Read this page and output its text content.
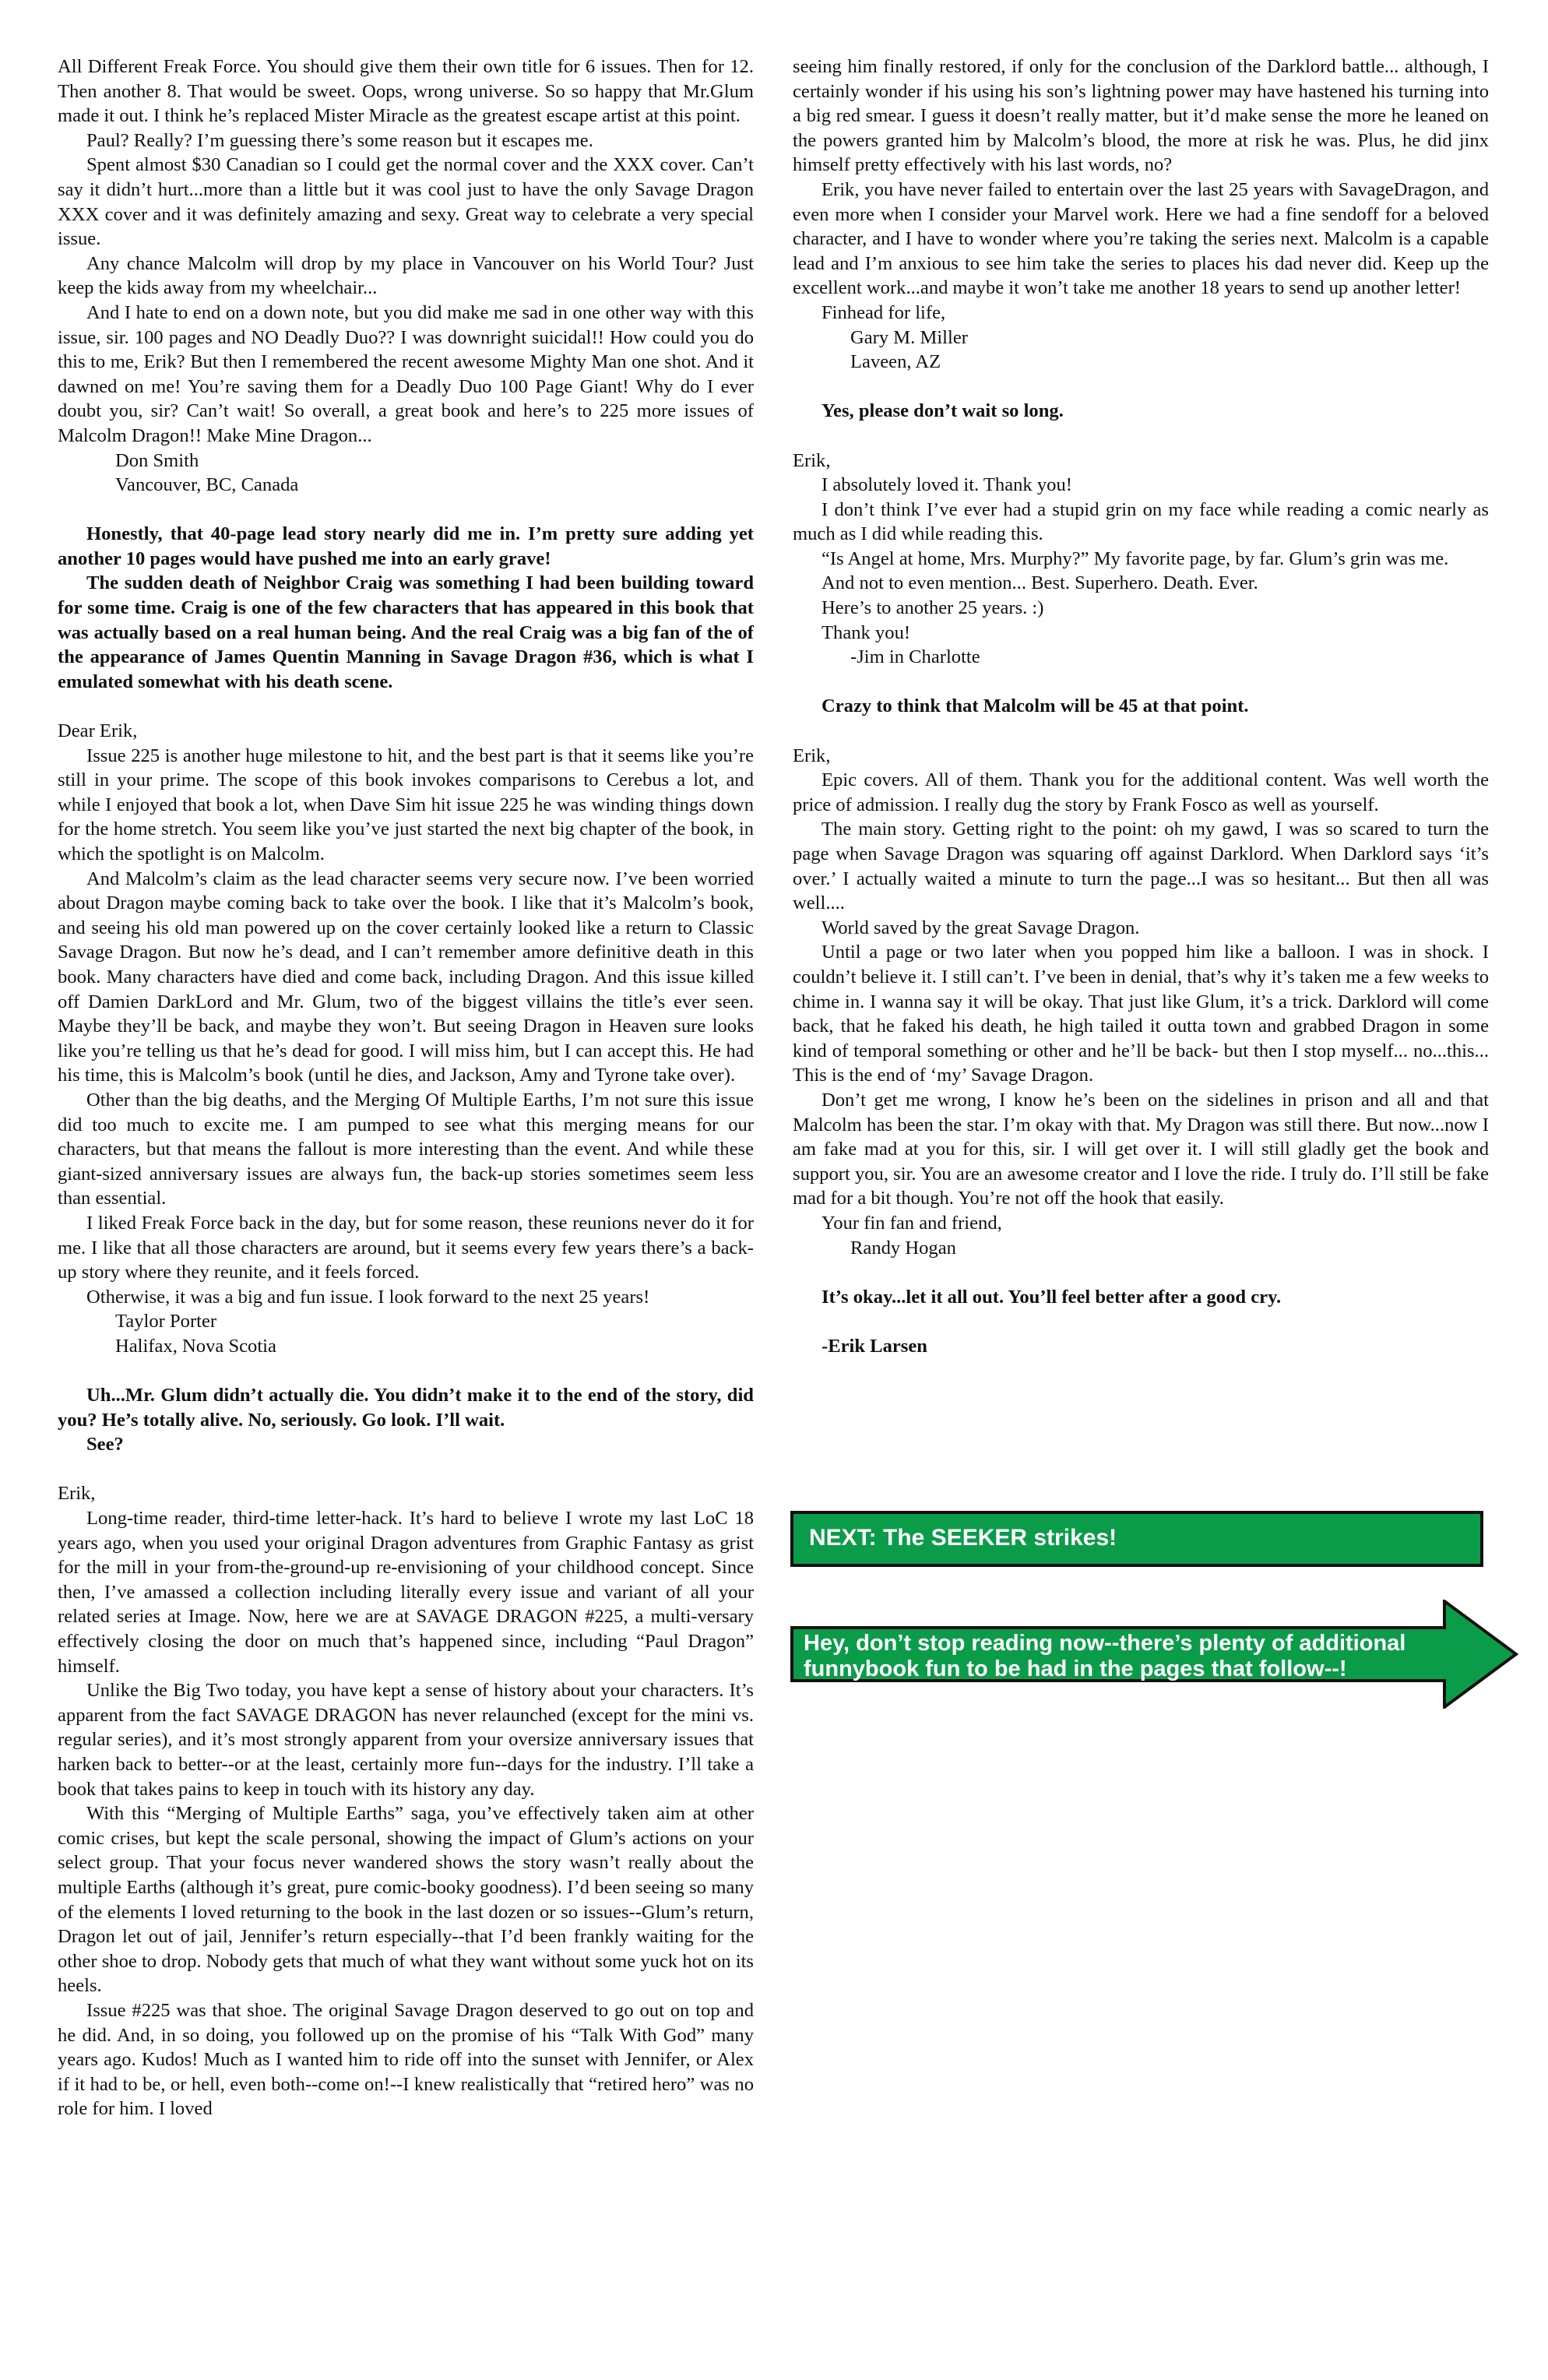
All Different Freak Force. You should give them their own title for 6 issues. Then for 12. Then another 8. That would be sweet. Oops, wrong universe. So so happy that Mr.Glum made it out. I think he’s replaced Mister Miracle as the greatest escape artist at this point.

Paul? Really? I’m guessing there’s some reason but it escapes me.

Spent almost $30 Canadian so I could get the normal cover and the XXX cover. Can’t say it didn’t hurt...more than a little but it was cool just to have the only Savage Dragon XXX cover and it was definitely amazing and sexy. Great way to celebrate a very special issue.

Any chance Malcolm will drop by my place in Vancouver on his World Tour? Just keep the kids away from my wheelchair...

And I hate to end on a down note, but you did make me sad in one other way with this issue, sir. 100 pages and NO Deadly Duo?? I was downright suicidal!! How could you do this to me, Erik? But then I remembered the recent awesome Mighty Man one shot. And it dawned on me! You’re saving them for a Deadly Duo 100 Page Giant! Why do I ever doubt you, sir? Can’t wait! So overall, a great book and here’s to 225 more issues of Malcolm Dragon!! Make Mine Dragon...

Don Smith

Vancouver, BC, Canada

Honestly, that 40-page lead story nearly did me in. I’m pretty sure adding yet another 10 pages would have pushed me into an early grave!

The sudden death of Neighbor Craig was something I had been building toward for some time. Craig is one of the few characters that has appeared in this book that was actually based on a real human being. And the real Craig was a big fan of the of the appearance of James Quentin Manning in Savage Dragon #36, which is what I emulated somewhat with his death scene.

Dear Erik,

Issue 225 is another huge milestone to hit, and the best part is that it seems like you’re still in your prime. The scope of this book invokes comparisons to Cerebus a lot, and while I enjoyed that book a lot, when Dave Sim hit issue 225 he was winding things down for the home stretch. You seem like you’ve just started the next big chapter of the book, in which the spotlight is on Malcolm.

And Malcolm’s claim as the lead character seems very secure now. I’ve been worried about Dragon maybe coming back to take over the book. I like that it’s Malcolm’s book, and seeing his old man powered up on the cover certainly looked like a return to Classic Savage Dragon. But now he’s dead, and I can’t remember amore definitive death in this book. Many characters have died and come back, including Dragon. And this issue killed off Damien DarkLord and Mr. Glum, two of the biggest villains the title’s ever seen. Maybe they’ll be back, and maybe they won’t. But seeing Dragon in Heaven sure looks like you’re telling us that he’s dead for good. I will miss him, but I can accept this. He had his time, this is Malcolm’s book (until he dies, and Jackson, Amy and Tyrone take over).

Other than the big deaths, and the Merging Of Multiple Earths, I’m not sure this issue did too much to excite me. I am pumped to see what this merging means for our characters, but that means the fallout is more interesting than the event. And while these giant-sized anniversary issues are always fun, the back-up stories sometimes seem less than essential.

I liked Freak Force back in the day, but for some reason, these reunions never do it for me. I like that all those characters are around, but it seems every few years there’s a back-up story where they reunite, and it feels forced.

Otherwise, it was a big and fun issue. I look forward to the next 25 years!

Taylor Porter

Halifax, Nova Scotia

Uh...Mr. Glum didn’t actually die. You didn’t make it to the end of the story, did you? He’s totally alive. No, seriously. Go look. I’ll wait.

See?

Erik,

Long-time reader, third-time letter-hack. It’s hard to believe I wrote my last LoC 18 years ago, when you used your original Dragon adventures from Graphic Fantasy as grist for the mill in your from-the-ground-up re-envisioning of your childhood concept. Since then, I’ve amassed a collection including literally every issue and variant of all your related series at Image. Now, here we are at SAVAGE DRAGON #225, a multi-versary effectively closing the door on much that’s happened since, including “Paul Dragon” himself.

Unlike the Big Two today, you have kept a sense of history about your characters. It’s apparent from the fact SAVAGE DRAGON has never relaunched (except for the mini vs. regular series), and it’s most strongly apparent from your oversize anniversary issues that harken back to better--or at the least, certainly more fun--days for the industry. I’ll take a book that takes pains to keep in touch with its history any day.

With this “Merging of Multiple Earths” saga, you’ve effectively taken aim at other comic crises, but kept the scale personal, showing the impact of Glum’s actions on your select group. That your focus never wandered shows the story wasn’t really about the multiple Earths (although it’s great, pure comic-booky goodness). I’d been seeing so many of the elements I loved returning to the book in the last dozen or so issues--Glum’s return, Dragon let out of jail, Jennifer’s return especially--that I’d been frankly waiting for the other shoe to drop. Nobody gets that much of what they want without some yuck hot on its heels.

Issue #225 was that shoe. The original Savage Dragon deserved to go out on top and he did. And, in so doing, you followed up on the promise of his “Talk With God” many years ago. Kudos! Much as I wanted him to ride off into the sunset with Jennifer, or Alex if it had to be, or hell, even both--come on!--I knew realistically that “retired hero” was no role for him. I loved

seeing him finally restored, if only for the conclusion of the Darklord battle... although, I certainly wonder if his using his son’s lightning power may have hastened his turning into a big red smear. I guess it doesn’t really matter, but it’d make sense the more he leaned on the powers granted him by Malcolm’s blood, the more at risk he was. Plus, he did jinx himself pretty effectively with his last words, no?

Erik, you have never failed to entertain over the last 25 years with SavageDragon, and even more when I consider your Marvel work. Here we had a fine sendoff for a beloved character, and I have to wonder where you’re taking the series next. Malcolm is a capable lead and I’m anxious to see him take the series to places his dad never did. Keep up the excellent work...and maybe it won’t take me another 18 years to send up another letter!

Finhead for life,

Gary M. Miller

Laveen, AZ

Yes, please don’t wait so long.

Erik,

I absolutely loved it. Thank you!

I don’t think I’ve ever had a stupid grin on my face while reading a comic nearly as much as I did while reading this.

“Is Angel at home, Mrs. Murphy?” My favorite page, by far. Glum’s grin was me.

And not to even mention... Best. Superhero. Death. Ever.

Here’s to another 25 years. :)

Thank you!

-Jim in Charlotte

Crazy to think that Malcolm will be 45 at that point.

Erik,

Epic covers. All of them. Thank you for the additional content. Was well worth the price of admission. I really dug the story by Frank Fosco as well as yourself.

The main story. Getting right to the point: oh my gawd, I was so scared to turn the page when Savage Dragon was squaring off against Darklord. When Darklord says ‘it’s over.’ I actually waited a minute to turn the page...I was so hesitant... But then all was well....

World saved by the great Savage Dragon.

Until a page or two later when you popped him like a balloon. I was in shock. I couldn’t believe it. I still can’t. I’ve been in denial, that’s why it’s taken me a few weeks to chime in. I wanna say it will be okay. That just like Glum, it’s a trick. Darklord will come back, that he faked his death, he high tailed it outta town and grabbed Dragon in some kind of temporal something or other and he’ll be back- but then I stop myself... no...this... This is the end of ‘my’ Savage Dragon.

Don’t get me wrong, I know he’s been on the sidelines in prison and all and that Malcolm has been the star. I’m okay with that. My Dragon was still there. But now...now I am fake mad at you for this, sir. I will get over it. I will still gladly get the book and support you, sir. You are an awesome creator and I love the ride. I truly do. I’ll still be fake mad for a bit though. You’re not off the hook that easily.

Your fin fan and friend,

Randy Hogan

It’s okay...let it all out. You’ll feel better after a good cry.

-Erik Larsen

NEXT: The SEEKER strikes!
Hey, don’t stop reading now--there’s plenty of additional funnybook fun to be had in the pages that follow--!
